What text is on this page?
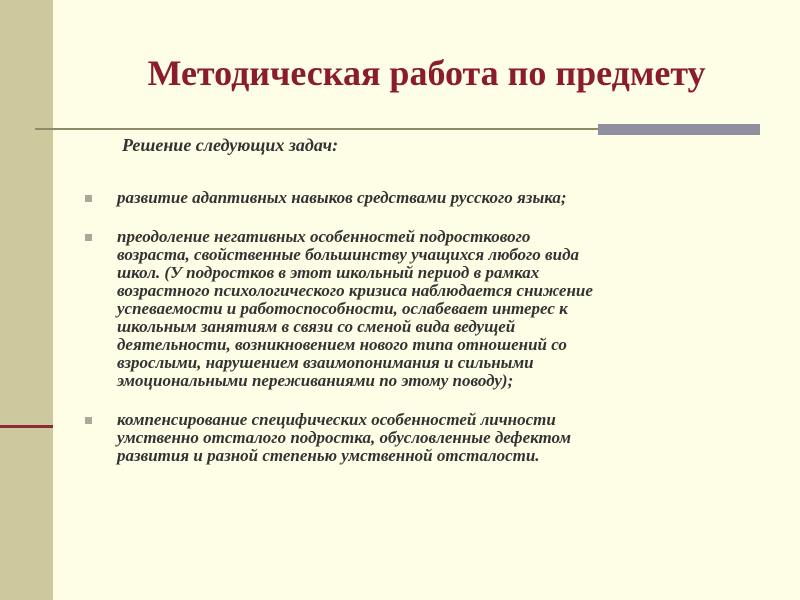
Методическая работа по предмету
Решение следующих задач:
развитие адаптивных навыков средствами русского языка;
преодоление негативных особенностей подросткового
возраста, свойственные большинству учащихся любого вида
школ. (У подростков в этот школьный период в рамках
возрастного психологического кризиса наблюдается снижение
успеваемости и работоспособности, ослабевает интерес к
школьным занятиям в связи со сменой вида ведущей
деятельности, возникновением нового типа отношений со
взрослыми, нарушением взаимопонимания и сильными
эмоциональными переживаниями по этому поводу);
компенсирование специфических особенностей личности
умственно отсталого подростка, обусловленные дефектом
развития и разной степенью умственной отсталости.
